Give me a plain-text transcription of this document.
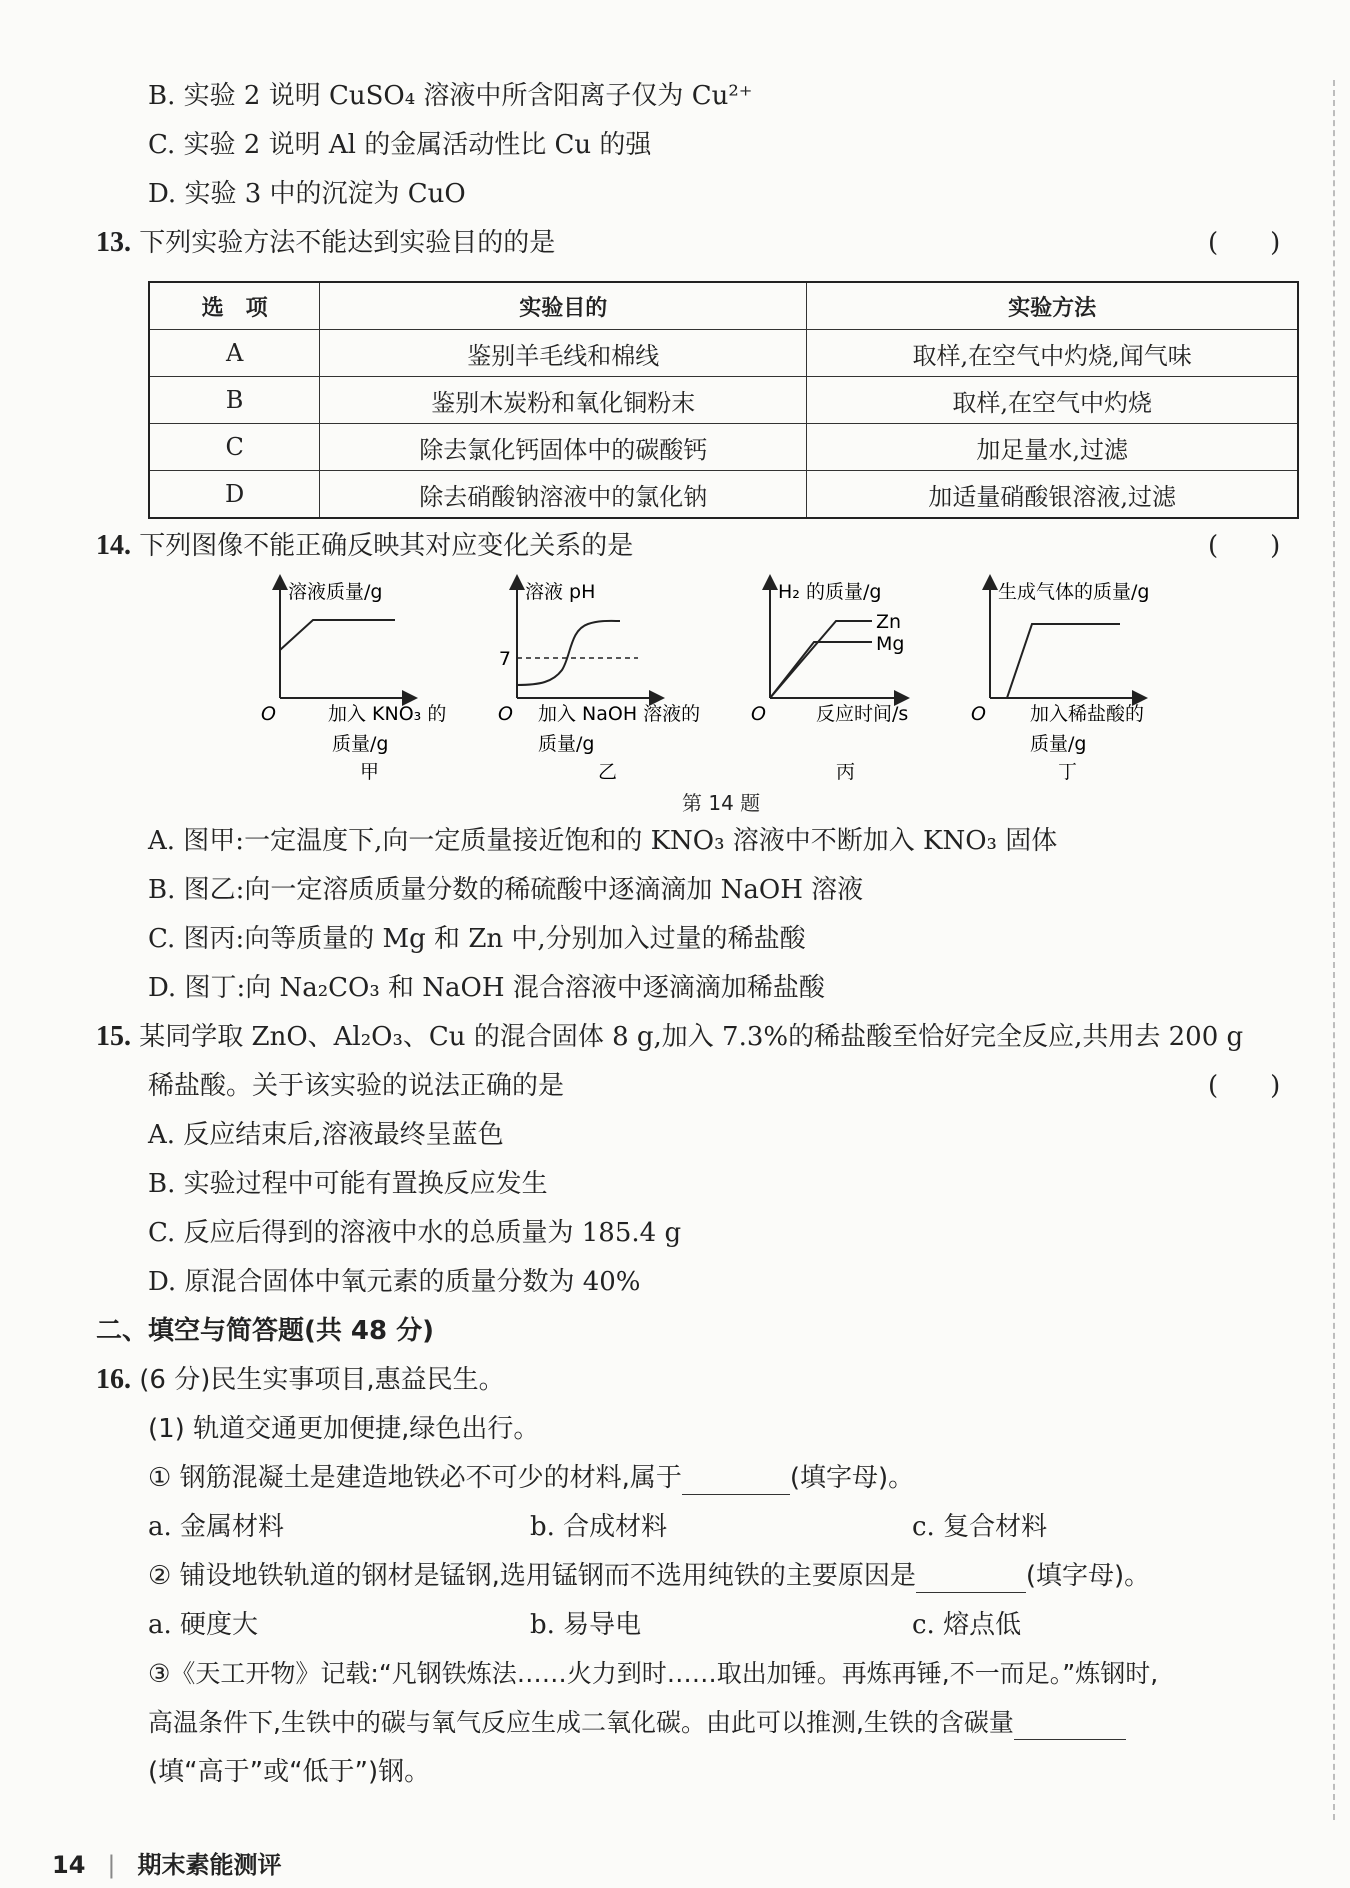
B. 实验 2 说明 CuSO₄ 溶液中所含阳离子仅为 Cu²⁺
C. 实验 2 说明 Al 的金属活动性比 Cu 的强
D. 实验 3 中的沉淀为 CuO
13. 下列实验方法不能达到实验目的的是	(　　)
选　项	实验目的	实验方法
A	鉴别羊毛线和棉线	取样,在空气中灼烧,闻气味
B	鉴别木炭粉和氧化铜粉末	取样,在空气中灼烧
C	除去氯化钙固体中的碳酸钙	加足量水,过滤
D	除去硝酸钠溶液中的氯化钠	加适量硝酸银溶液,过滤
14. 下列图像不能正确反映其对应变化关系的是	(　　)
溶液质量/g
O	加入 KNO₃ 的
质量/g
甲
溶液 pH
7
O 加入 NaOH 溶液的
质量/g
乙
H₂ 的质量/g
Zn
Mg
O	反应时间/s
丙
生成气体的质量/g
O 加入稀盐酸的
质量/g
丁
第 14 题
A. 图甲:一定温度下,向一定质量接近饱和的 KNO₃ 溶液中不断加入 KNO₃ 固体
B. 图乙:向一定溶质质量分数的稀硫酸中逐滴滴加 NaOH 溶液
C. 图丙:向等质量的 Mg 和 Zn 中,分别加入过量的稀盐酸
D. 图丁:向 Na₂CO₃ 和 NaOH 混合溶液中逐滴滴加稀盐酸
15. 某同学取 ZnO、Al₂O₃、Cu 的混合固体 8 g,加入 7.3%的稀盐酸至恰好完全反应,共用去 200 g
稀盐酸。关于该实验的说法正确的是	(　　)
A. 反应结束后,溶液最终呈蓝色
B. 实验过程中可能有置换反应发生
C. 反应后得到的溶液中水的总质量为 185.4 g
D. 原混合固体中氧元素的质量分数为 40%
二、填空与简答题(共 48 分)
16. (6 分)民生实事项目,惠益民生。
(1) 轨道交通更加便捷,绿色出行。
① 钢筋混凝土是建造地铁必不可少的材料,属于	(填字母)。
a. 金属材料	b. 合成材料	c. 复合材料
② 铺设地铁轨道的钢材是锰钢,选用锰钢而不选用纯铁的主要原因是	(填字母)。
a. 硬度大	b. 易导电	c. 熔点低
③《天工开物》记载:“凡钢铁炼法……火力到时……取出加锤。再炼再锤,不一而足。”炼钢时,
高温条件下,生铁中的碳与氧气反应生成二氧化碳。由此可以推测,生铁的含碳量
(填“高于”或“低于”)钢。
14 | 期末素能测评
